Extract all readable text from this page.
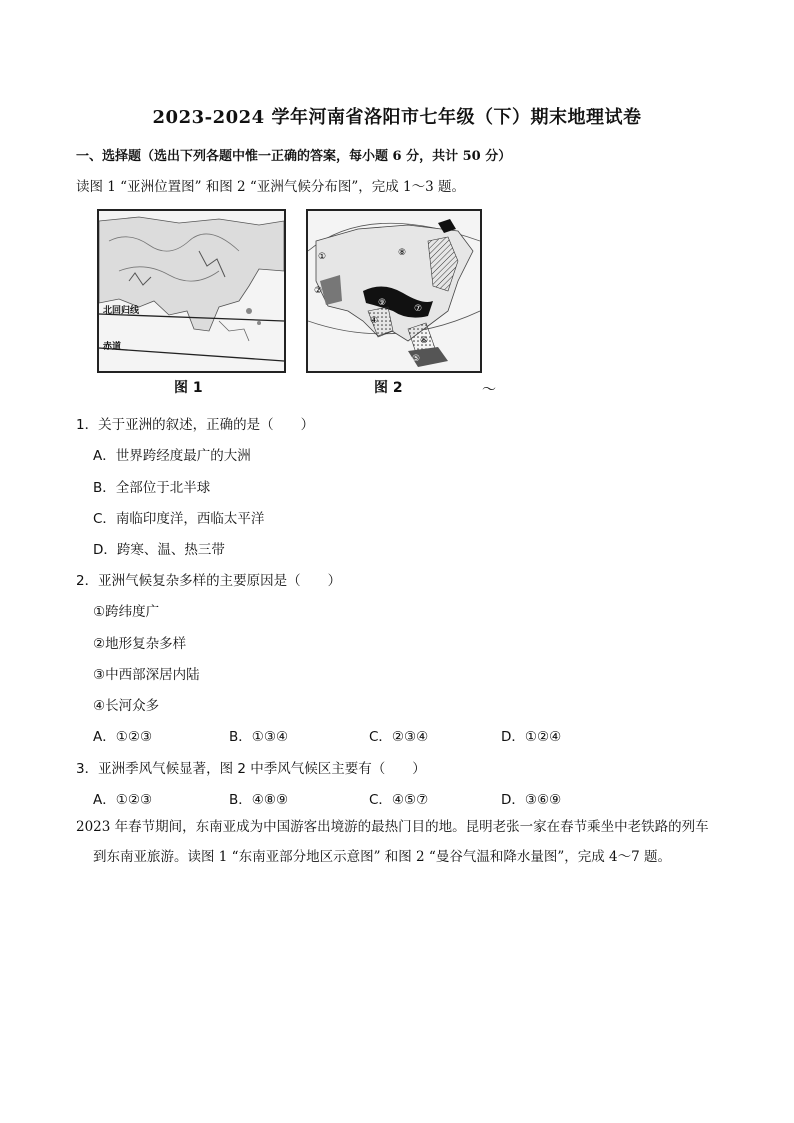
2023-2024 学年河南省洛阳市七年级（下）期末地理试卷
一、选择题（选出下列各题中惟一正确的答案，每小题 6 分，共计 50 分）
读图 1 “亚洲位置图” 和图 2 “亚洲气候分布图”，完成 1～3 题。
北回归线
赤道
①
②
④
⑤
⑥
⑦
⑧
⑨
图 1	图 2	～
1．关于亚洲的叙述，正确的是（　　）
A．世界跨经度最广的大洲
B．全部位于北半球
C．南临印度洋，西临太平洋
D．跨寒、温、热三带
2．亚洲气候复杂多样的主要原因是（　　）
①跨纬度广
②地形复杂多样
③中西部深居内陆
④长河众多
A．①②③	B．①③④	C．②③④	D．①②④
3．亚洲季风气候显著，图 2 中季风气候区主要有（　　）
A．①②③	B．④⑧⑨	C．④⑤⑦	D．③⑥⑨
2023 年春节期间，东南亚成为中国游客出境游的最热门目的地。昆明老张一家在春节乘坐中老铁路的列车
到东南亚旅游。读图 1 “东南亚部分地区示意图” 和图 2 “曼谷气温和降水量图”，完成 4～7 题。
